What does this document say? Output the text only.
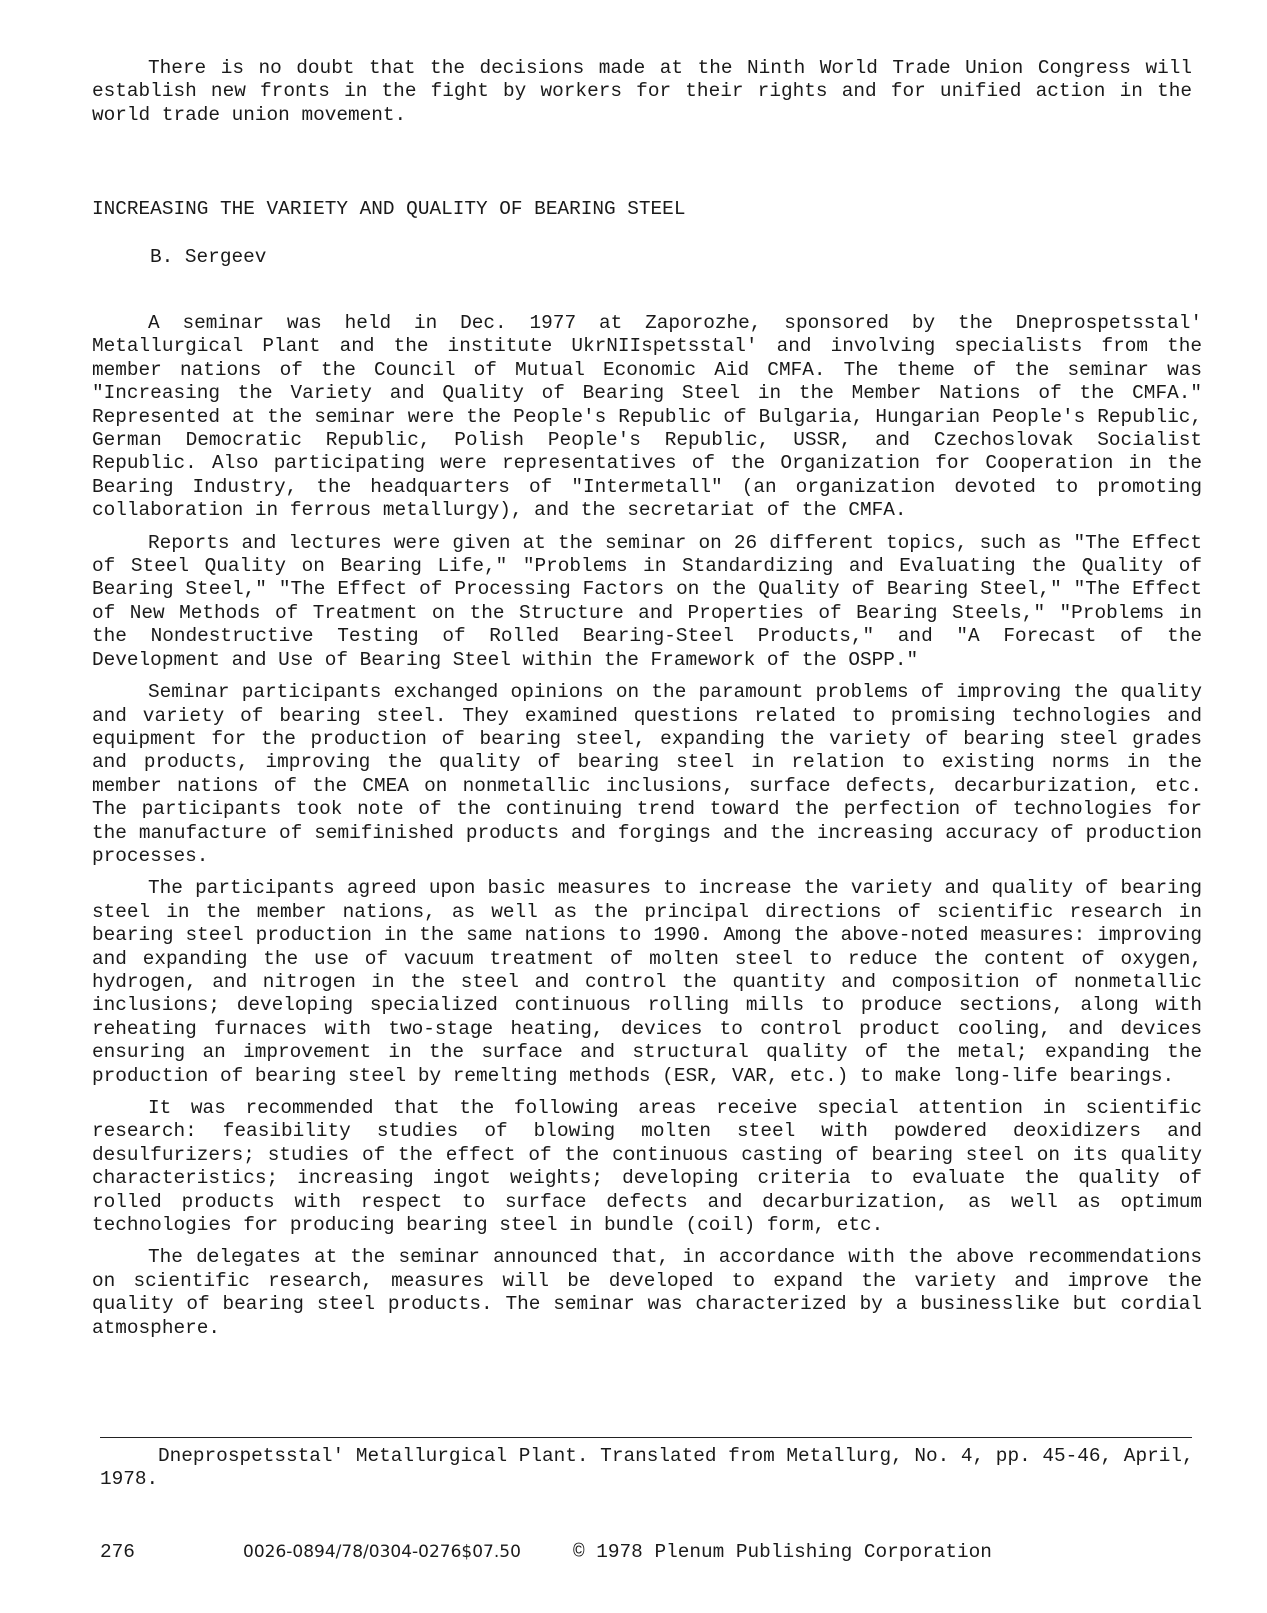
There is no doubt that the decisions made at the Ninth World Trade Union Congress will establish new fronts in the fight by workers for their rights and for unified action in the world trade union movement.

INCREASING THE VARIETY AND QUALITY OF BEARING STEEL
B. Sergeev

A seminar was held in Dec. 1977 at Zaporozhe, sponsored by the Dneprospetsstal' Metallurgical Plant and the institute UkrNIIspetsstal' and involving specialists from the member nations of the Council of Mutual Economic Aid CMFA. The theme of the seminar was "Increasing the Variety and Quality of Bearing Steel in the Member Nations of the CMFA." Represented at the seminar were the People's Republic of Bulgaria, Hungarian People's Republic, German Democratic Republic, Polish People's Republic, USSR, and Czechoslovak Socialist Republic. Also participating were representatives of the Organization for Cooperation in the Bearing Industry, the headquarters of "Intermetall" (an organization devoted to promoting collaboration in ferrous metallurgy), and the secretariat of the CMFA.

Reports and lectures were given at the seminar on 26 different topics, such as "The Effect of Steel Quality on Bearing Life," "Problems in Standardizing and Evaluating the Quality of Bearing Steel," "The Effect of Processing Factors on the Quality of Bearing Steel," "The Effect of New Methods of Treatment on the Structure and Properties of Bearing Steels," "Problems in the Nondestructive Testing of Rolled Bearing-Steel Products," and "A Forecast of the Development and Use of Bearing Steel within the Framework of the OSPP."

Seminar participants exchanged opinions on the paramount problems of improving the quality and variety of bearing steel. They examined questions related to promising technologies and equipment for the production of bearing steel, expanding the variety of bearing steel grades and products, improving the quality of bearing steel in relation to existing norms in the member nations of the CMEA on nonmetallic inclusions, surface defects, decarburization, etc. The participants took note of the continuing trend toward the perfection of technologies for the manufacture of semifinished products and forgings and the increasing accuracy of production processes.

The participants agreed upon basic measures to increase the variety and quality of bearing steel in the member nations, as well as the principal directions of scientific research in bearing steel production in the same nations to 1990. Among the above-noted measures: improving and expanding the use of vacuum treatment of molten steel to reduce the content of oxygen, hydrogen, and nitrogen in the steel and control the quantity and composition of nonmetallic inclusions; developing specialized continuous rolling mills to produce sections, along with reheating furnaces with two-stage heating, devices to control product cooling, and devices ensuring an improvement in the surface and structural quality of the metal; expanding the production of bearing steel by remelting methods (ESR, VAR, etc.) to make long-life bearings.

It was recommended that the following areas receive special attention in scientific research: feasibility studies of blowing molten steel with powdered deoxidizers and desulfurizers; studies of the effect of the continuous casting of bearing steel on its quality characteristics; increasing ingot weights; developing criteria to evaluate the quality of rolled products with respect to surface defects and decarburization, as well as optimum technologies for producing bearing steel in bundle (coil) form, etc.

The delegates at the seminar announced that, in accordance with the above recommendations on scientific research, measures will be developed to expand the variety and improve the quality of bearing steel products. The seminar was characterized by a businesslike but cordial atmosphere.

Dneprospetsstal' Metallurgical Plant. Translated from Metallurg, No. 4, pp. 45-46, April, 1978.

276	0026-0894/78/0304-0276$07.50	© 1978 Plenum Publishing Corporation
